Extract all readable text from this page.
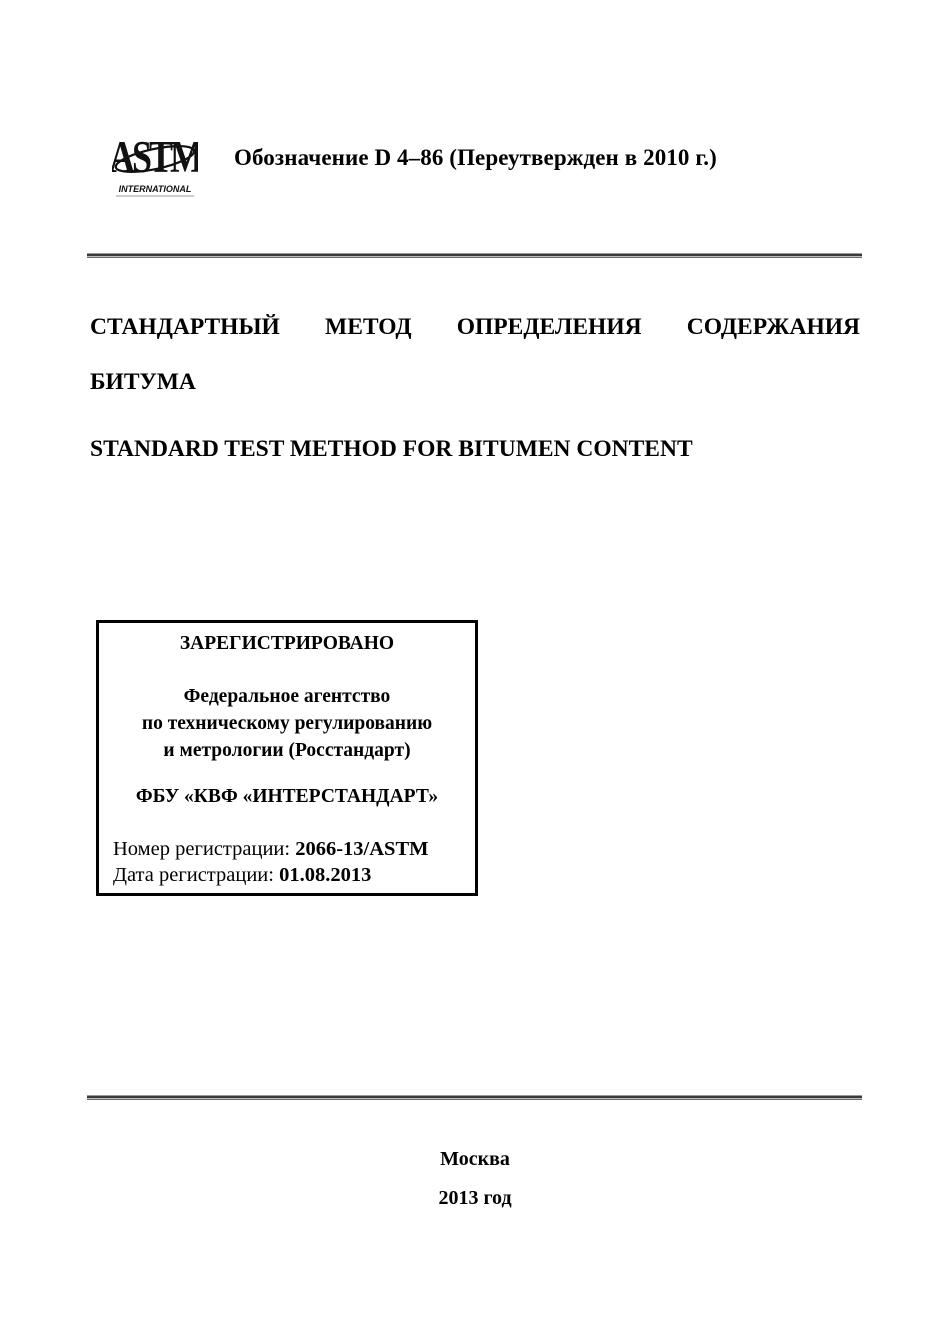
ASTM
INTERNATIONAL
Обозначение D 4–86 (Переутвержден в 2010 г.)
СТАНДАРТНЫЙ МЕТОД ОПРЕДЕЛЕНИЯ СОДЕРЖАНИЯ
БИТУМА
STANDARD TEST METHOD FOR BITUMEN CONTENT
ЗАРЕГИСТРИРОВАНО
Федеральное агентство
по техническому регулированию
и метрологии (Росстандарт)
ФБУ «КВФ «ИНТЕРСТАНДАРТ»
Номер регистрации: 2066-13/ASTM
Дата регистрации: 01.08.2013
Москва
2013 год
